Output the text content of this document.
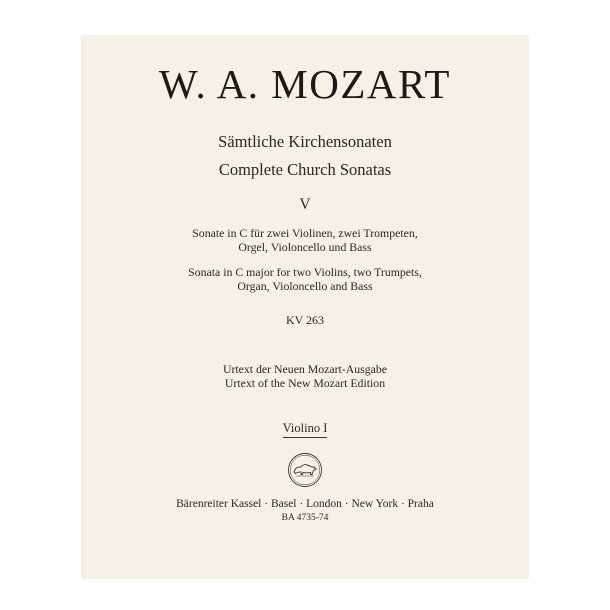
W. A. MOZART
Sämtliche Kirchensonaten
Complete Church Sonatas
V
Sonate in C für zwei Violinen, zwei Trompeten,
Orgel, Violoncello und Bass
Sonata in C major for two Violins, two Trumpets,
Organ, Violoncello and Bass
KV 263
Urtext der Neuen Mozart-Ausgabe
Urtext of the New Mozart Edition
Violino I
Bärenreiter Kassel · Basel · London · New York · Praha
BA 4735-74
